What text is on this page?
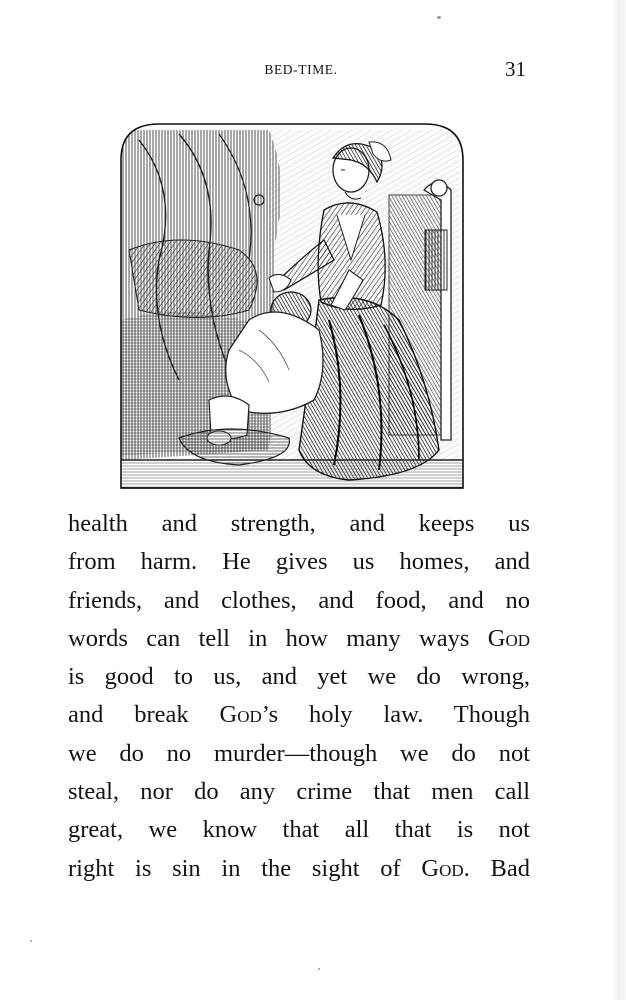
BED-TIME.	31
health and strength, and keeps us
from harm. He gives us homes, and
friends, and clothes, and food, and no
words can tell in how many ways God
is good to us, and yet we do wrong,
and break God’s holy law. Though
we do no murder—though we do not
steal, nor do any crime that men call
great, we know that all that is not
right is sin in the sight of God. Bad
